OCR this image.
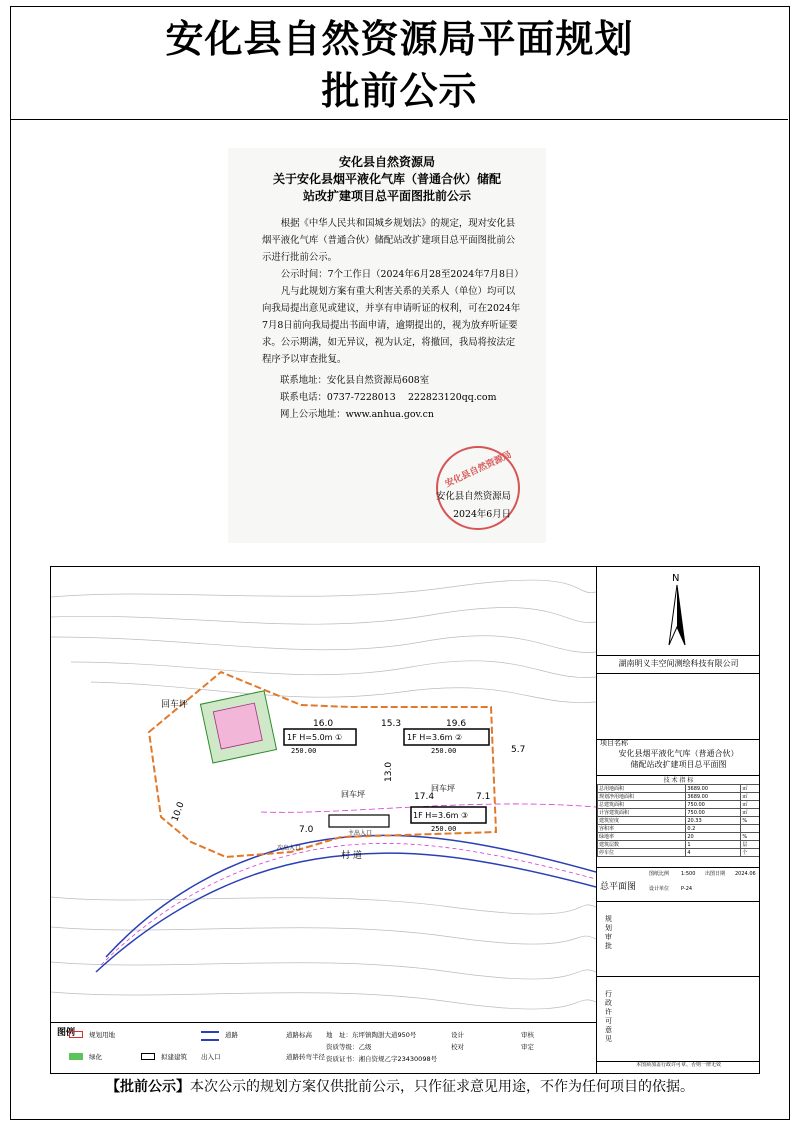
安化县自然资源局平面规划
批前公示
安化县自然资源局
关于安化县烟平液化气库（普通合伙）储配
站改扩建项目总平面图批前公示

根据《中华人民共和国城乡规划法》的规定，现对安化县烟平液化气库（普通合伙）储配站改扩建项目总平面图批前公示进行批前公示。

公示时间：7个工作日（2024年6月28至2024年7月8日）

凡与此规划方案有重大利害关系的关系人（单位）均可以向我局提出意见或建议，并享有申请听证的权利，可在2024年7月8日前向我局提出书面申请，逾期提出的，视为放弃听证要求。公示期满，如无异议，视为认定，将撤回，我局将按法定程序予以审查批复。

联系地址：安化县自然资源局608室
联系电话：0737-7228013　 222823120qq.com
网上公示地址：www.anhua.gov.cn
安化县自然资源局
安化县自然资源局
2024年6月日
1F H=5.0m ①
250.00
1F H=3.6m ②
250.00
1F H=3.6m ③
250.00
回车坪
回车坪
回车坪
村 道
主出入口
次出入口
16.0	15.3	19.6
5.7
7.0
17.4	7.1
10.0
13.0
图例 规划用地
绿化	拟建建筑 出入口
道路	道路标高
道路转弯半径
地　址：东坪镇陶澍大道950号
资质等级：乙级
资质证书：湘自资规乙字23430098号
设计
校对
审核
审定
N
湖南明义丰空间测绘科技有限公司
项目名称
安化县烟平液化气库（普通合伙）
储配站改扩建项目总平面图
技 术 指 标
总用地面积	3689.00	㎡
规划净用地面积	3689.00	㎡
总建筑面积	750.00	㎡
计容建筑面积	750.00	㎡
建筑密度	20.33	%
容积率	0.2	　
绿地率	20	%
建筑层数	1	层
停车位	4	个
总平面图
图纸比例 1:500 出图日期 2024.06
设计单位 P-24
规划审批
行政许可意见
本图须加盖行政许可章、否则一律无效
【批前公示】本次公示的规划方案仅供批前公示，只作征求意见用途，不作为任何项目的依据。
